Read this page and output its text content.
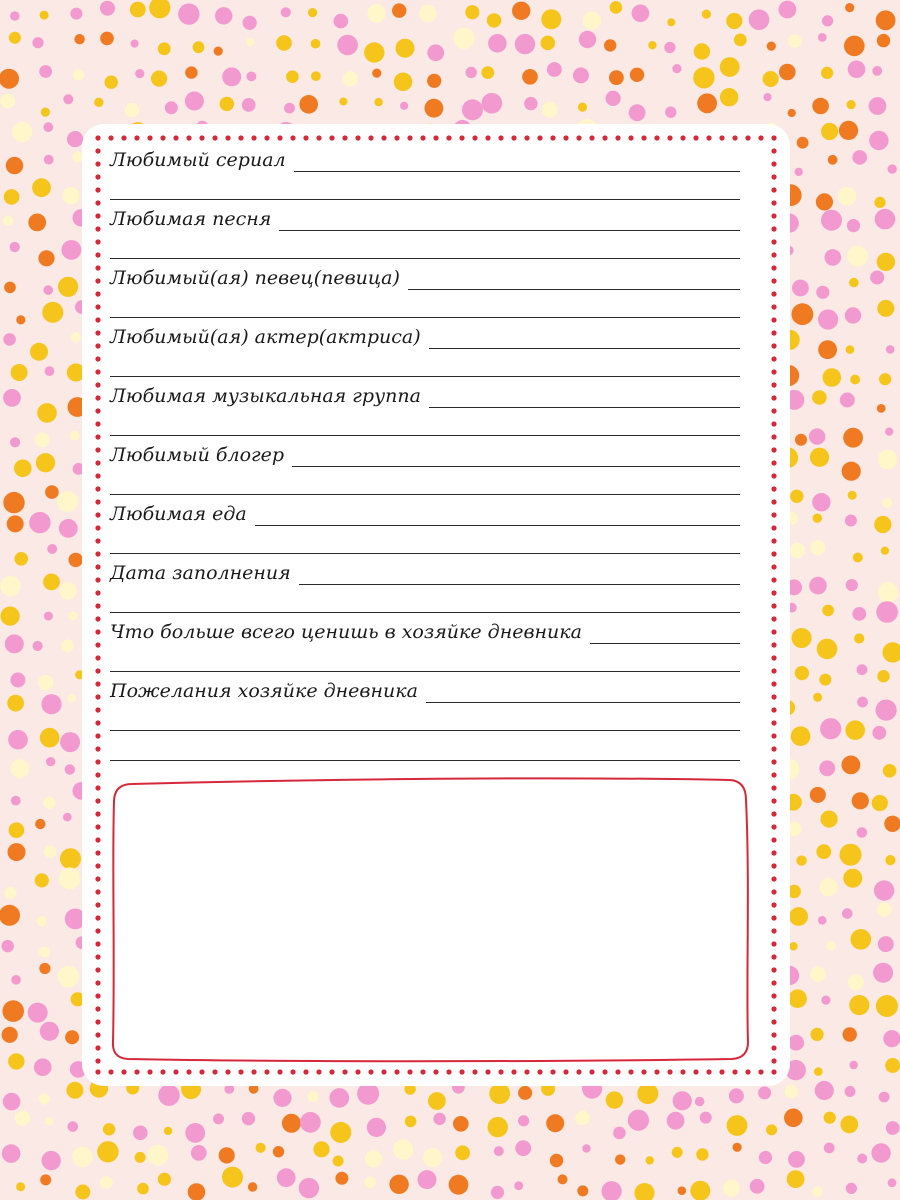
Любимый сериал
Любимая песня
Любимый(ая) певец(певица)
Любимый(ая) актер(актриса)
Любимая музыкальная группа
Любимый блогер
Любимая еда
Дата заполнения
Что больше всего ценишь в хозяйке дневника
Пожелания хозяйке дневника
